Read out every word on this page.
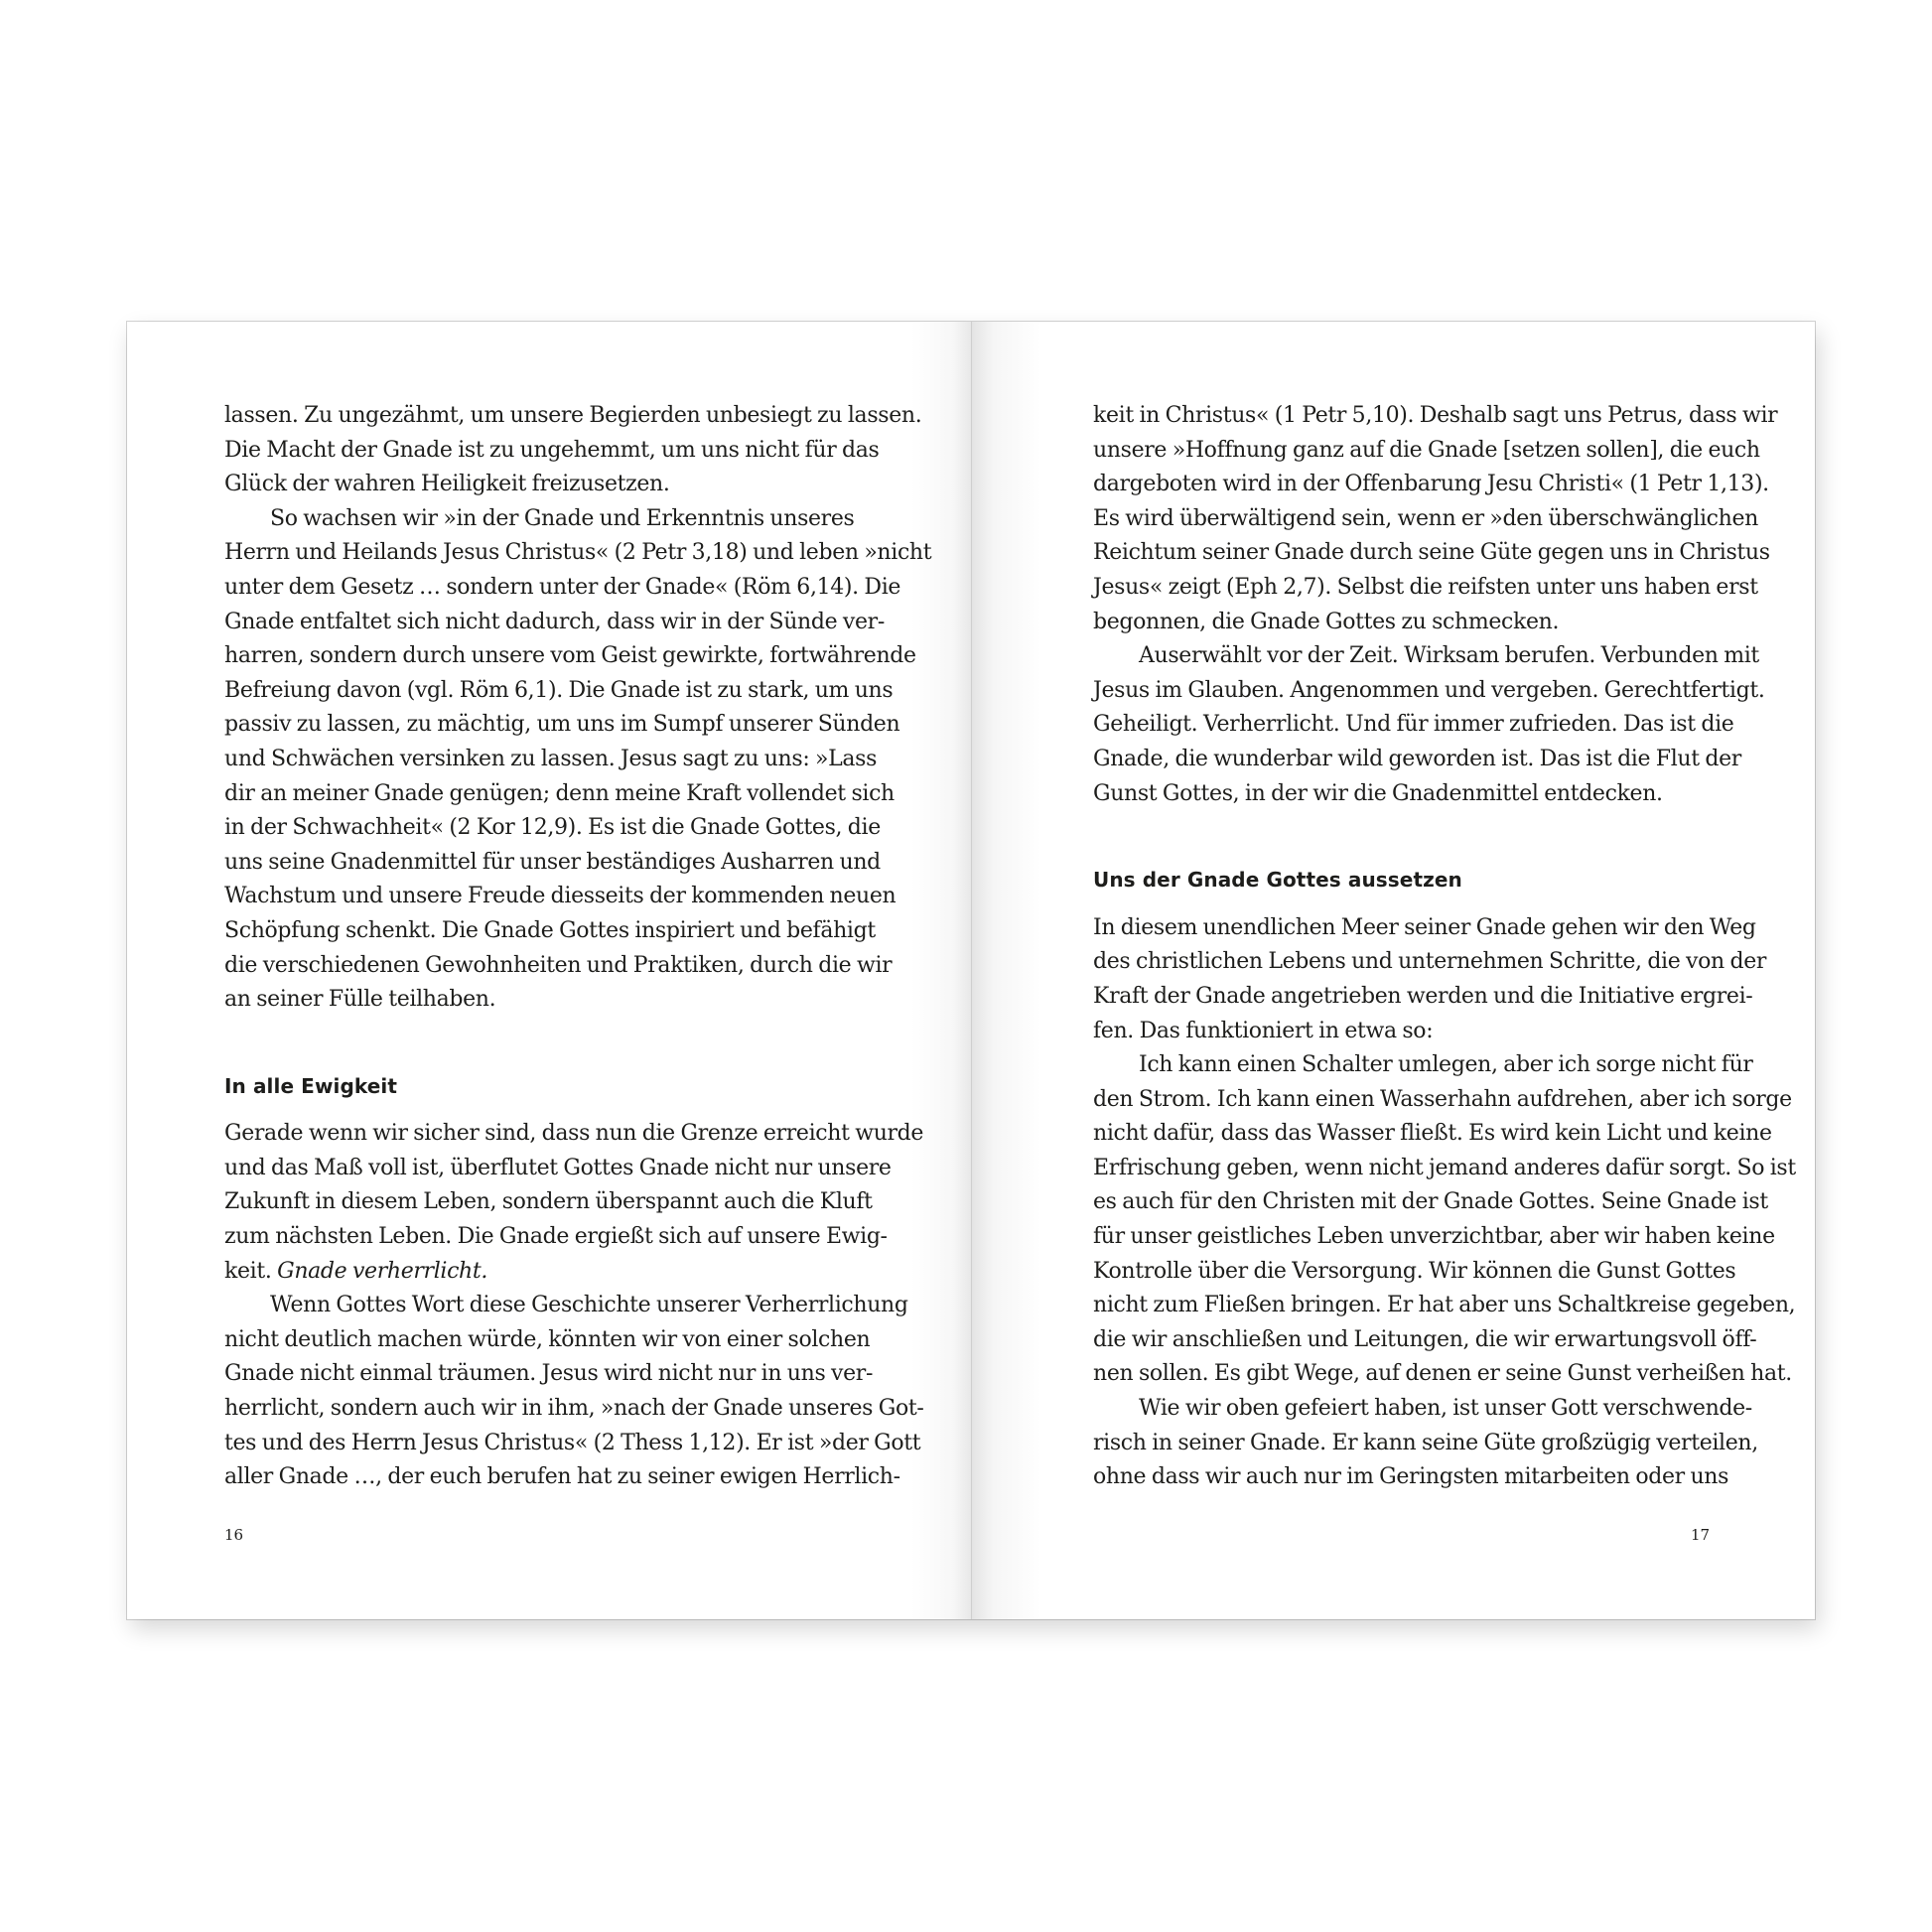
lassen. Zu ungezähmt, um unsere Begierden unbesiegt zu lassen.
Die Macht der Gnade ist zu ungehemmt, um uns nicht für das
Glück der wahren Heiligkeit freizusetzen.
So wachsen wir »in der Gnade und Erkenntnis unseres
Herrn und Heilands Jesus Christus« (2 Petr 3,18) und leben »nicht
unter dem Gesetz … sondern unter der Gnade« (Röm 6,14). Die
Gnade entfaltet sich nicht dadurch, dass wir in der Sünde ver-
harren, sondern durch unsere vom Geist gewirkte, fortwährende
Befreiung davon (vgl. Röm 6,1). Die Gnade ist zu stark, um uns
passiv zu lassen, zu mächtig, um uns im Sumpf unserer Sünden
und Schwächen versinken zu lassen. Jesus sagt zu uns: »Lass
dir an meiner Gnade genügen; denn meine Kraft vollendet sich
in der Schwachheit« (2 Kor 12,9). Es ist die Gnade Gottes, die
uns seine Gnadenmittel für unser beständiges Ausharren und
Wachstum und unsere Freude diesseits der kommenden neuen
Schöpfung schenkt. Die Gnade Gottes inspiriert und befähigt
die verschiedenen Gewohnheiten und Praktiken, durch die wir
an seiner Fülle teilhaben.
In alle Ewigkeit
Gerade wenn wir sicher sind, dass nun die Grenze erreicht wurde
und das Maß voll ist, überflutet Gottes Gnade nicht nur unsere
Zukunft in diesem Leben, sondern überspannt auch die Kluft
zum nächsten Leben. Die Gnade ergießt sich auf unsere Ewig-
keit. Gnade verherrlicht.
Wenn Gottes Wort diese Geschichte unserer Verherrlichung
nicht deutlich machen würde, könnten wir von einer solchen
Gnade nicht einmal träumen. Jesus wird nicht nur in uns ver-
herrlicht, sondern auch wir in ihm, »nach der Gnade unseres Got-
tes und des Herrn Jesus Christus« (2 Thess 1,12). Er ist »der Gott
aller Gnade …, der euch berufen hat zu seiner ewigen Herrlich-
16
keit in Christus« (1 Petr 5,10). Deshalb sagt uns Petrus, dass wir
unsere »Hoffnung ganz auf die Gnade [setzen sollen], die euch
dargeboten wird in der Offenbarung Jesu Christi« (1 Petr 1,13).
Es wird überwältigend sein, wenn er »den überschwänglichen
Reichtum seiner Gnade durch seine Güte gegen uns in Christus
Jesus« zeigt (Eph 2,7). Selbst die reifsten unter uns haben erst
begonnen, die Gnade Gottes zu schmecken.
Auserwählt vor der Zeit. Wirksam berufen. Verbunden mit
Jesus im Glauben. Angenommen und vergeben. Gerechtfertigt.
Geheiligt. Verherrlicht. Und für immer zufrieden. Das ist die
Gnade, die wunderbar wild geworden ist. Das ist die Flut der
Gunst Gottes, in der wir die Gnadenmittel entdecken.
Uns der Gnade Gottes aussetzen
In diesem unendlichen Meer seiner Gnade gehen wir den Weg
des christlichen Lebens und unternehmen Schritte, die von der
Kraft der Gnade angetrieben werden und die Initiative ergrei-
fen. Das funktioniert in etwa so:
Ich kann einen Schalter umlegen, aber ich sorge nicht für
den Strom. Ich kann einen Wasserhahn aufdrehen, aber ich sorge
nicht dafür, dass das Wasser fließt. Es wird kein Licht und keine
Erfrischung geben, wenn nicht jemand anderes dafür sorgt. So ist
es auch für den Christen mit der Gnade Gottes. Seine Gnade ist
für unser geistliches Leben unverzichtbar, aber wir haben keine
Kontrolle über die Versorgung. Wir können die Gunst Gottes
nicht zum Fließen bringen. Er hat aber uns Schaltkreise gegeben,
die wir anschließen und Leitungen, die wir erwartungsvoll öff-
nen sollen. Es gibt Wege, auf denen er seine Gunst verheißen hat.
Wie wir oben gefeiert haben, ist unser Gott verschwende-
risch in seiner Gnade. Er kann seine Güte großzügig verteilen,
ohne dass wir auch nur im Geringsten mitarbeiten oder uns
17
